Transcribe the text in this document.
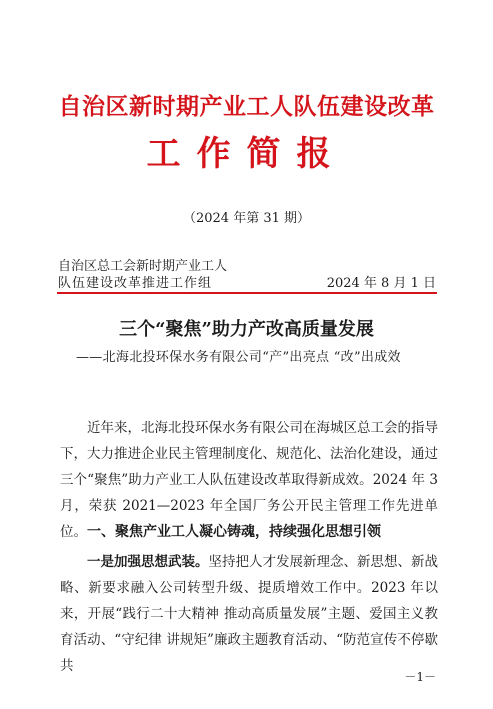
自治区新时期产业工人队伍建设改革
工作简报
（2024 年第 31 期）
自治区总工会新时期产业工人
队伍建设改革推进工作组	2024 年 8 月 1 日
三个“聚焦”助力产改高质量发展
——北海北投环保水务有限公司“产”出亮点 “改”出成效

近年来，北海北投环保水务有限公司在海城区总工会的指导下，大力推进企业民主管理制度化、规范化、法治化建设，通过三个“聚焦”助力产业工人队伍建设改革取得新成效。2024 年 3 月，荣获 2021—2023 年全国厂务公开民主管理工作先进单位。 一、聚焦产业工人凝心铸魂，持续强化思想引领

  一是加强思想武装。坚持把人才发展新理念、新思想、新战略、新要求融入公司转型升级、提质增效工作中。2023 年以来，开展“践行二十大精神 推动高质量发展”主题、爱国主义教育活动、“守纪律 讲规矩”廉政主题教育活动、“防范宣传不停歇 共

－1－
